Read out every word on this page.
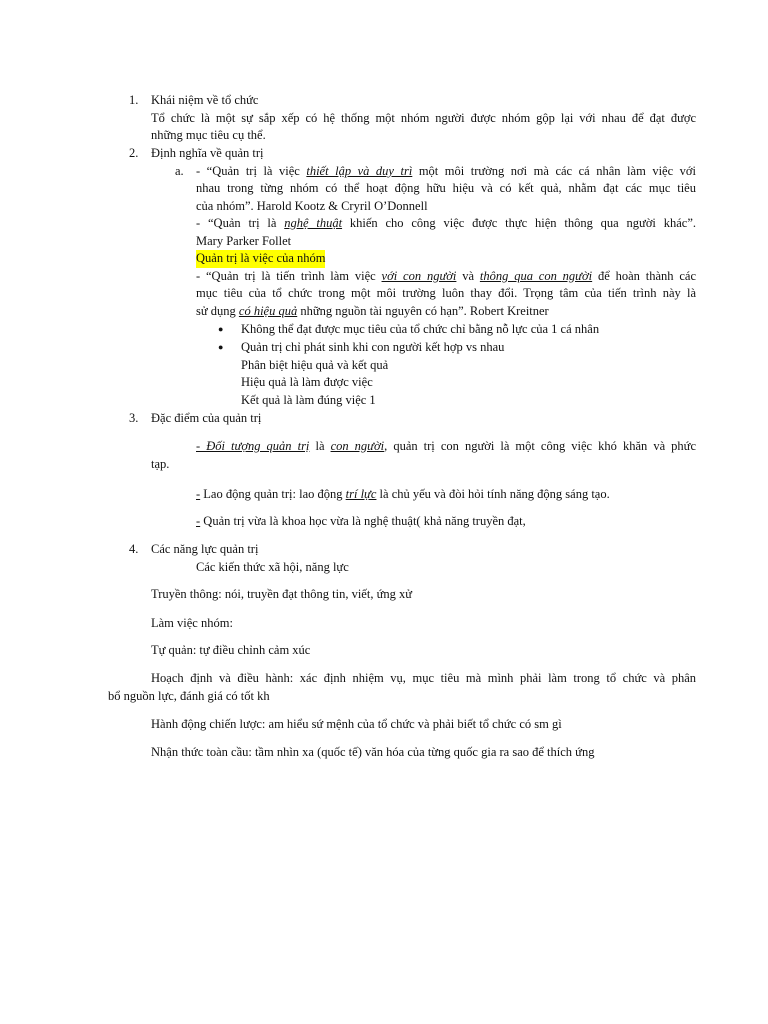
1. Khái niệm về tổ chức
Tổ chức là một sự sắp xếp có hệ thống một nhóm người được nhóm gộp lại với nhau để đạt được
những mục tiêu cụ thể.
2. Định nghĩa về quản trị
a. - “Quản trị là việc thiết lập và duy trì một môi trường nơi mà các cá nhân làm việc với
nhau trong từng nhóm có thể hoạt động hữu hiệu và có kết quả, nhằm đạt các mục tiêu
của nhóm”. Harold Kootz & Cryril O’Donnell
- “Quản trị là nghệ thuật khiến cho công việc được thực hiện thông qua người khác”.
Mary Parker Follet
Quản trị là việc của nhóm
- “Quản trị là tiến trình làm việc với con người và thông qua con người để hoàn thành các
mục tiêu của tổ chức trong một môi trường luôn thay đổi. Trọng tâm của tiến trình này là
sử dụng có hiệu quả những nguồn tài nguyên có hạn”. Robert Kreitner
● Không thể đạt được mục tiêu của tổ chức chỉ bằng nỗ lực của 1 cá nhân
● Quản trị chỉ phát sinh khi con người kết hợp vs nhau
Phân biệt hiệu quả và kết quả
Hiệu quả là làm được việc
Kết quả là làm đúng việc 1
3. Đặc điểm của quản trị
- Đối tượng quản trị là con người, quản trị con người là một công việc khó khăn và phức
tạp.
- Lao động quản trị: lao động trí lực là chủ yếu và đòi hỏi tính năng động sáng tạo.
- Quản trị vừa là khoa học vừa là nghệ thuật( khả năng truyền đạt,
4. Các năng lực quản trị
Các kiến thức xã hội, năng lực
Truyền thông: nói, truyền đạt thông tin, viết, ứng xử
Làm việc nhóm:
Tự quản: tự điều chỉnh cảm xúc
Hoạch định và điều hành: xác định nhiệm vụ, mục tiêu mà mình phải làm trong tổ chức và phân
bổ nguồn lực, đánh giá có tốt kh
Hành động chiến lược: am hiểu sứ mệnh của tổ chức và phải biết tổ chức có sm gì
Nhận thức toàn cầu: tầm nhìn xa (quốc tế) văn hóa của từng quốc gia ra sao để thích ứng
